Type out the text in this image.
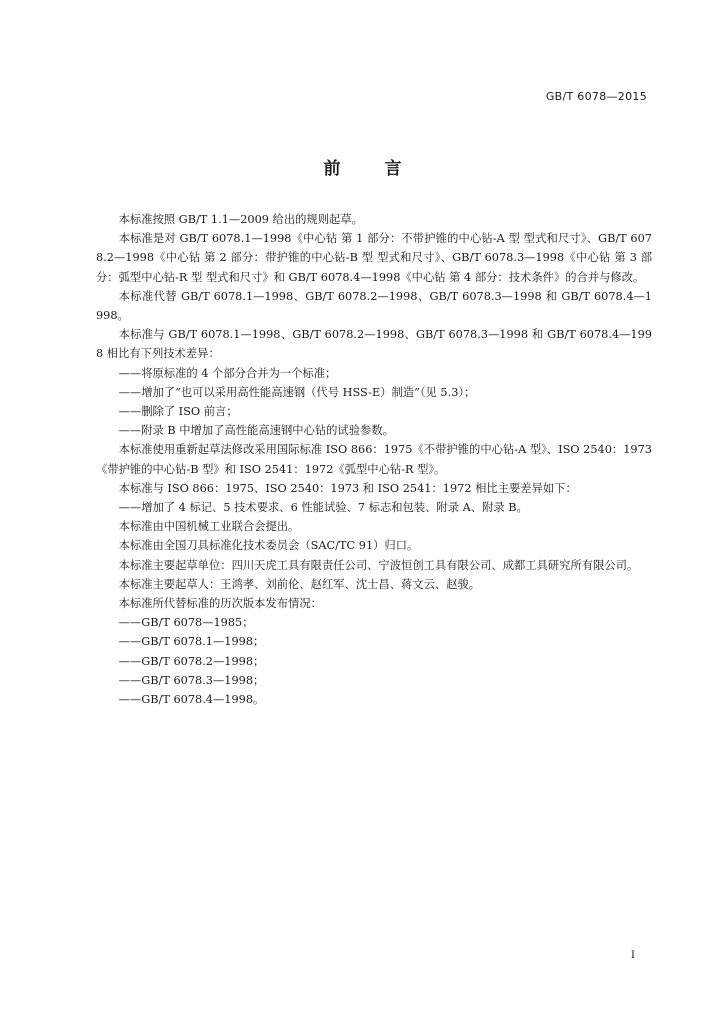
GB/T 6078—2015
前	言

本标准按照 GB/T 1.1—2009 给出的规则起草。

本标准是对 GB/T 6078.1—1998《中心钻 第 1 部分：不带护锥的中心钻-A 型 型式和尺寸》、GB/T 6078.2—1998《中心钻 第 2 部分：带护锥的中心钻-B 型 型式和尺寸》、GB/T 6078.3—1998《中心钻 第 3 部分：弧型中心钻-R 型 型式和尺寸》和 GB/T 6078.4—1998《中心钻 第 4 部分：技术条件》的合并与修改。

本标准代替 GB/T 6078.1—1998、GB/T 6078.2—1998、GB/T 6078.3—1998 和 GB/T 6078.4—1998。

本标准与 GB/T 6078.1—1998、GB/T 6078.2—1998、GB/T 6078.3—1998 和 GB/T 6078.4—1998 相比有下列技术差异：

——将原标准的 4 个部分合并为一个标准；

——增加了“也可以采用高性能高速钢（代号 HSS-E）制造”（见 5.3）；

——删除了 ISO 前言；

——附录 B 中增加了高性能高速钢中心钻的试验参数。

本标准使用重新起草法修改采用国际标准 ISO 866：1975《不带护锥的中心钻-A 型》、ISO 2540：1973《带护锥的中心钻-B 型》和 ISO 2541：1972《弧型中心钻-R 型》。

本标准与 ISO 866：1975、ISO 2540：1973 和 ISO 2541：1972 相比主要差异如下：

——增加了 4 标记、5 技术要求、6 性能试验、7 标志和包装、附录 A、附录 B。

本标准由中国机械工业联合会提出。

本标准由全国刀具标准化技术委员会（SAC/TC 91）归口。

本标准主要起草单位：四川天虎工具有限责任公司、宁波恒创工具有限公司、成都工具研究所有限公司。

本标准主要起草人：王鸿孝、刘前伦、赵红军、沈士昌、蒋文云、赵骏。

本标准所代替标准的历次版本发布情况：

——GB/T 6078—1985；

——GB/T 6078.1—1998；

——GB/T 6078.2—1998；

——GB/T 6078.3—1998；

——GB/T 6078.4—1998。

I
